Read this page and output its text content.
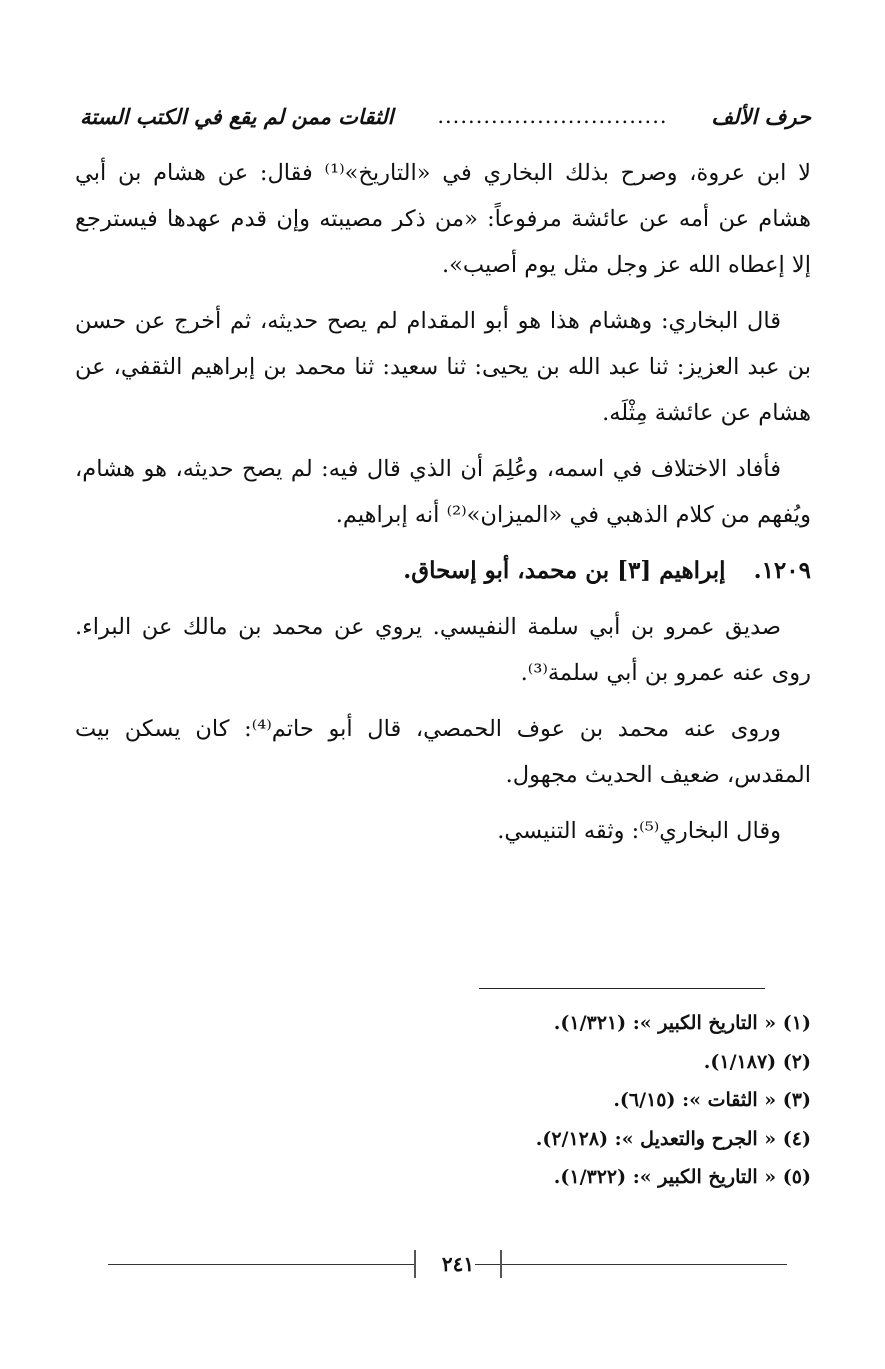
حرف الألف
..............................
الثقات ممن لم يقع في الكتب الستة

لا ابن عروة، وصرح بذلك البخاري في «التاريخ»⁽¹⁾ فقال: عن هشام بن أبي هشام عن أمه عن عائشة مرفوعاً: «من ذكر مصيبته وإن قدم عهدها فيسترجع إلا إعطاه الله عز وجل مثل يوم أصيب».

قال البخاري: وهشام هذا هو أبو المقدام لم يصح حديثه، ثم أخرج عن حسن بن عبد العزيز: ثنا عبد الله بن يحيى: ثنا سعيد: ثنا محمد بن إبراهيم الثقفي، عن هشام عن عائشة مِثْلَه.

فأفاد الاختلاف في اسمه، وعُلِمَ أن الذي قال فيه: لم يصح حديثه، هو هشام، ويُفهم من كلام الذهبي في «الميزان»⁽²⁾ أنه إبراهيم.

١٢٠٩. إبراهيم [٣] بن محمد، أبو إسحاق.

صديق عمرو بن أبي سلمة النفيسي. يروي عن محمد بن مالك عن البراء. روى عنه عمرو بن أبي سلمة⁽³⁾.

وروى عنه محمد بن عوف الحمصي، قال أبو حاتم⁽⁴⁾: كان يسكن بيت المقدس، ضعيف الحديث مجهول.

وقال البخاري⁽⁵⁾: وثقه التنيسي.

(١) « التاريخ الكبير »: (١/٣٢١).

(٢) (١/١٨٧).

(٣) « الثقات »: (٦/١٥).

(٤) « الجرح والتعديل »: (٢/١٢٨).

(٥) « التاريخ الكبير »: (١/٣٢٢).

٢٤١
